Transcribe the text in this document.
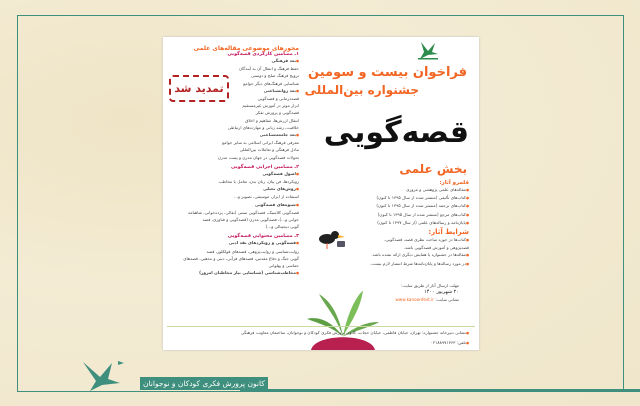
فراخوان بیست و سومین
جشنواره بین‌المللی
قصه‌گویی
بخش علمی
قلمرو آثار:
● مقاله‌های علمی پژوهشی و مروری
● کتاب‌های تألیفی (منتشر شده از سال ۱۳۹۵ تا کنون)
● کتاب‌های ترجمه (منتشر شده از سال ۱۳۹۵ تا کنون)
● کتاب‌های مرجع (منتشر شده از سال ۱۳۹۵ تا کنون)
● پایان‌نامه و رساله‌های علمی (از سال ۱۳۹۷ تا کنون)
شرایط آثار:
● کتاب‌ها در حوزه مباحث نظری قصه، قصه‌گویی،
قصه‌پژوهی و آموزش قصه‌گویی باشد.
● مقاله‌ها در جشنواره یا همایش دیگری ارائه نشده باشد.
● در مورد رساله‌ها و پایان‌نامه‌ها شرط انتشار لازم نیست.
مهلت ارسال آثار از طریق سایت:
۲۰ شهریور ۱۴۰۰
نشانی سایت: www.kanoonfest.ir
تمدید شد
محورهای موضوعی مقاله‌های علمی
۱ـ مضامین کارکردی قصه‌گویی
● بعد فرهنگی
حفظ فرهنگ و انتقال آن به آیندگان
ترویج فرهنگ صلح و دوستی
شناسایی فرهنگ‌های دیگر جوامع
● بعد روانشناختی
قصه‌درمانی و قصه‌گویی
ابزار موثر در آموزش غیرمستقیم
قصه‌گویی و پرورش تفکر
انتقال ارزش‌ها، مفاهیم و اخلاق
خلاقیت، رشد زبانی و مهارت‌های ارتباطی
● بعد جامعه‌شناختی
معرفی فرهنگ ایرانی اسلامی به سایر جوامع
تبادل فرهنگی و تعاملات بین‌المللی
تحولات قصه‌گویی در جهان مدرن و پست مدرن
۲ـ مضامین اجرایی قصه‌گویی
● اصول قصه‌گویی
رویکردها، فن بیان، زبان بدن، تعامل با مخاطب
● روش‌های تخیلی
استفاده از ابزار، موسیقی، تصویر و...
● شیوه‌های قصه‌گویی
قصه‌گویی کلاسیک، قصه‌گویی سنتی (نقالی، پرده‌خوانی، شاهنامه‌
خوانی و...)، قصه‌گویی مدرن (قصه‌گویی و فناوری، قصه
گویی دیجیتالی و...)
۳ـ مضامین محتوایی قصه‌گویی
● قصه‌گویی و رویکردهای نقد ادبی
روایت‌شناسی و روایت‌پژوهی، قصه‌های فولکلور، قصه
گویی جنگ و دفاع مقدس، قصه‌های قرآنی، دینی و مذهبی، قصه‌های
حماسی و پهلوانی
● مخاطب‌شناسی (شناسایی نیاز مخاطبان امروز)
● نشانی دبیرخانه جشنواره: تهران، خیابان فاطمی، خیابان حجاب، کانون پرورش فکری کودکان و نوجوانان، ساختمان معاونت فرهنگی
● تلفن: ۰۲۱۸۸۹۷۱۳۶۳
کانون پرورش فکری کودکان و نوجوانان
